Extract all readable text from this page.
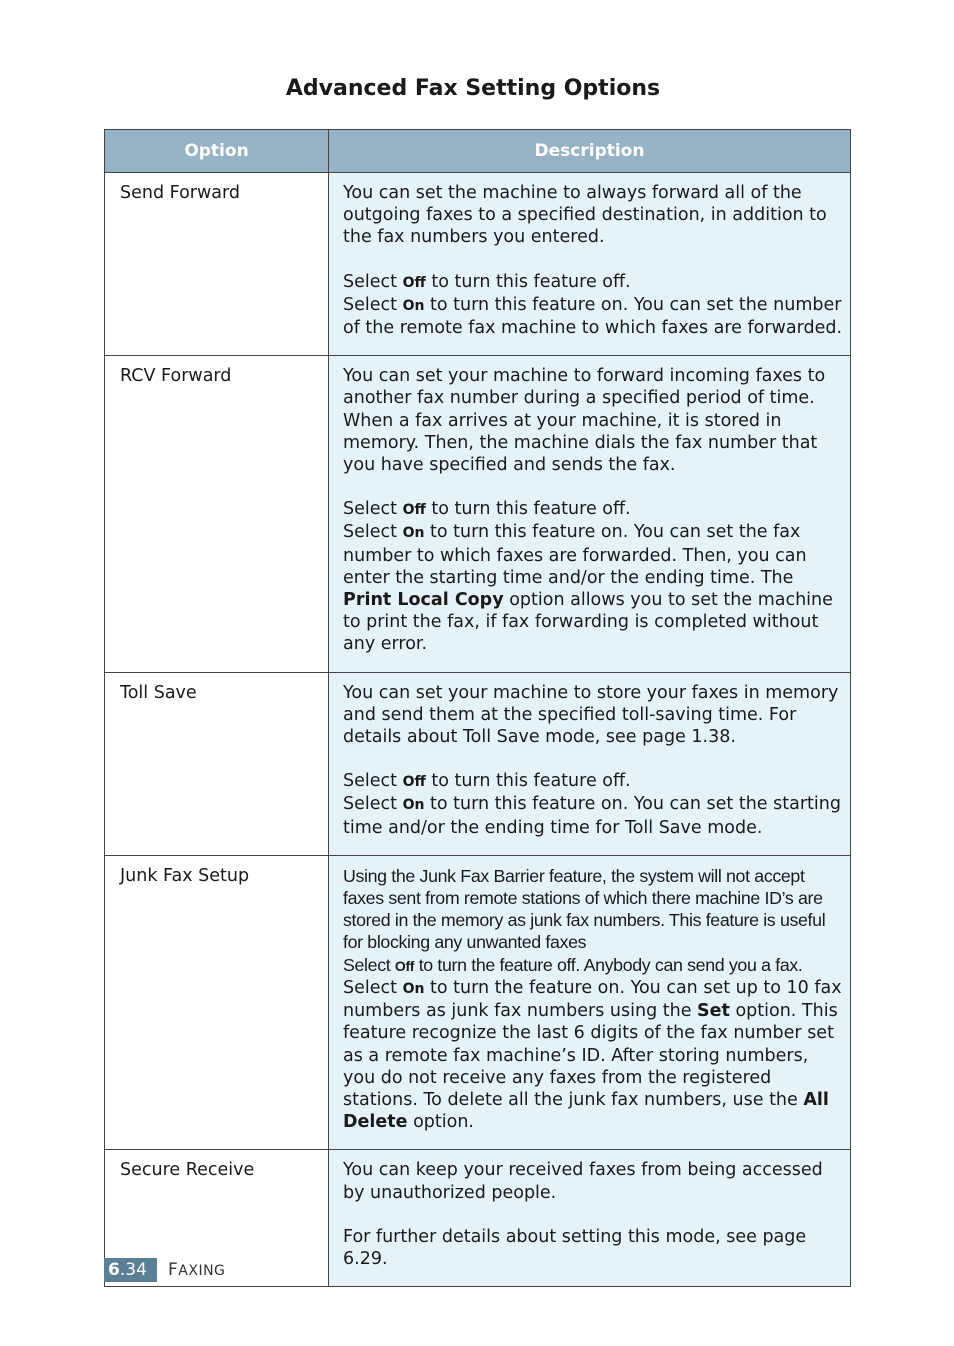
Advanced Fax Setting Options
Option	Description
Send Forward	You can set the machine to always forward all of the outgoing faxes to a specified destination, in addition to the fax numbers you entered.

Select Off to turn this feature off.

Select On to turn this feature on. You can set the number of the remote fax machine to which faxes are forwarded.

RCV Forward	You can set your machine to forward incoming faxes to another fax number during a specified period of time. When a fax arrives at your machine, it is stored in memory. Then, the machine dials the fax number that you have specified and sends the fax.

Select Off to turn this feature off.

Select On to turn this feature on. You can set the fax number to which faxes are forwarded. Then, you can enter the starting time and/or the ending time. The Print Local Copy option allows you to set the machine to print the fax, if fax forwarding is completed without any error.

Toll Save	You can set your machine to store your faxes in memory and send them at the specified toll-saving time. For details about Toll Save mode, see page 1.38.

Select Off to turn this feature off.

Select On to turn this feature on. You can set the starting time and/or the ending time for Toll Save mode.

Junk Fax Setup	Using the Junk Fax Barrier feature, the system will not accept faxes sent from remote stations of which there machine ID’s are stored in the memory as junk fax numbers. This feature is useful for blocking any unwanted faxes

Select Off to turn the feature off. Anybody can send you a fax.

Select On to turn the feature on. You can set up to 10 fax numbers as junk fax numbers using the Set option. This feature recognize the last 6 digits of the fax number set as a remote fax machine’s ID. After storing numbers, you do not receive any faxes from the registered stations. To delete all the junk fax numbers, use the All Delete option.

Secure Receive	You can keep your received faxes from being accessed by unauthorized people.

For further details about setting this mode, see page 6.29.

6.34	FAXING
